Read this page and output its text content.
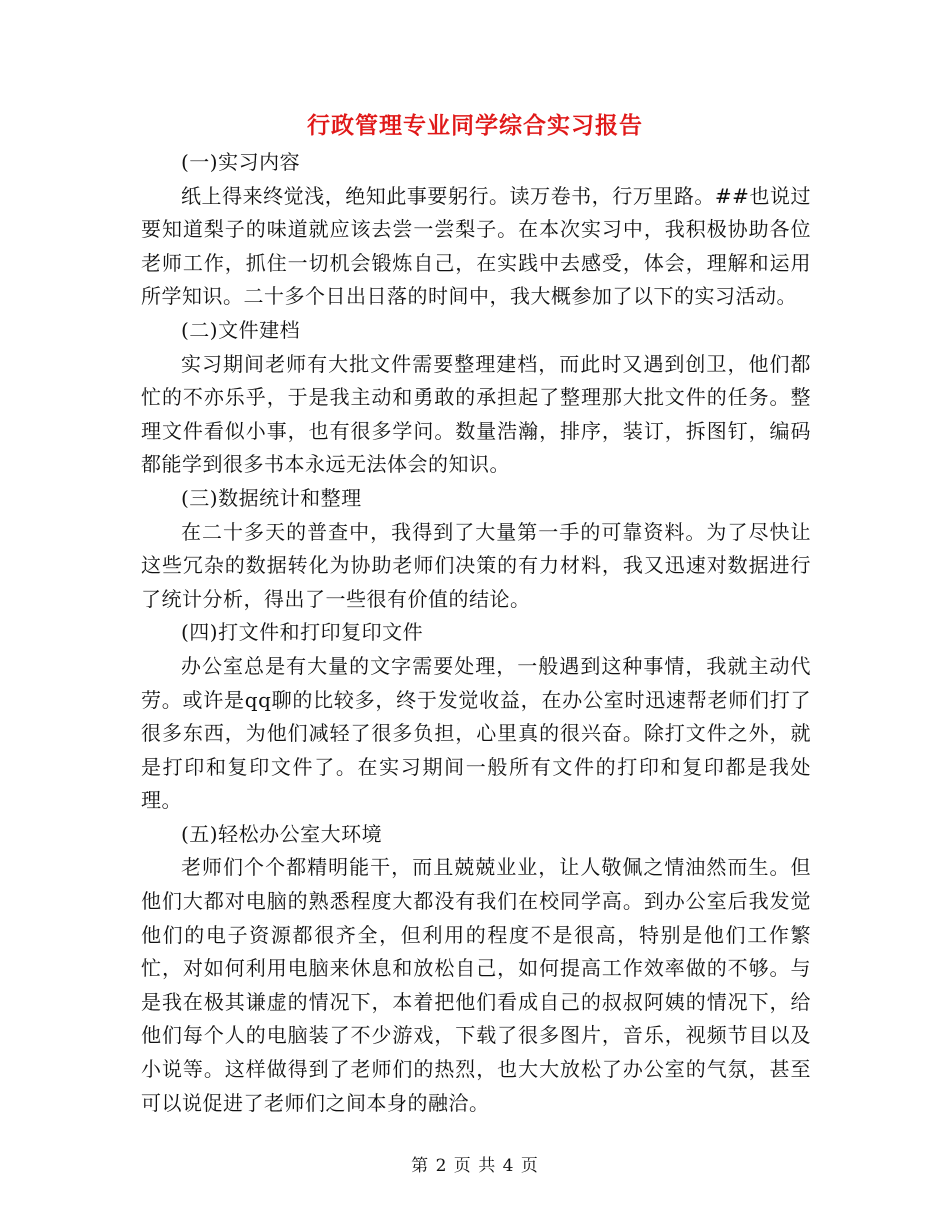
行政管理专业同学综合实习报告

(一)实习内容

纸上得来终觉浅，绝知此事要躬行。读万卷书，行万里路。##也说过要知道梨子的味道就应该去尝一尝梨子。在本次实习中，我积极协助各位老师工作，抓住一切机会锻炼自己，在实践中去感受，体会，理解和运用所学知识。二十多个日出日落的时间中，我大概参加了以下的实习活动。

(二)文件建档

实习期间老师有大批文件需要整理建档，而此时又遇到创卫，他们都忙的不亦乐乎，于是我主动和勇敢的承担起了整理那大批文件的任务。整理文件看似小事，也有很多学问。数量浩瀚，排序，装订，拆图钉，编码都能学到很多书本永远无法体会的知识。

(三)数据统计和整理

在二十多天的普查中，我得到了大量第一手的可靠资料。为了尽快让这些冗杂的数据转化为协助老师们决策的有力材料，我又迅速对数据进行了统计分析，得出了一些很有价值的结论。

(四)打文件和打印复印文件

办公室总是有大量的文字需要处理，一般遇到这种事情，我就主动代劳。或许是qq聊的比较多，终于发觉收益，在办公室时迅速帮老师们打了很多东西，为他们减轻了很多负担，心里真的很兴奋。除打文件之外，就是打印和复印文件了。在实习期间一般所有文件的打印和复印都是我处理。

(五)轻松办公室大环境

老师们个个都精明能干，而且兢兢业业，让人敬佩之情油然而生。但他们大都对电脑的熟悉程度大都没有我们在校同学高。到办公室后我发觉他们的电子资源都很齐全，但利用的程度不是很高，特别是他们工作繁忙，对如何利用电脑来休息和放松自己，如何提高工作效率做的不够。与是我在极其谦虚的情况下，本着把他们看成自己的叔叔阿姨的情况下，给他们每个人的电脑装了不少游戏，下载了很多图片，音乐，视频节目以及小说等。这样做得到了老师们的热烈，也大大放松了办公室的气氛，甚至可以说促进了老师们之间本身的融洽。

第 2 页 共 4 页
